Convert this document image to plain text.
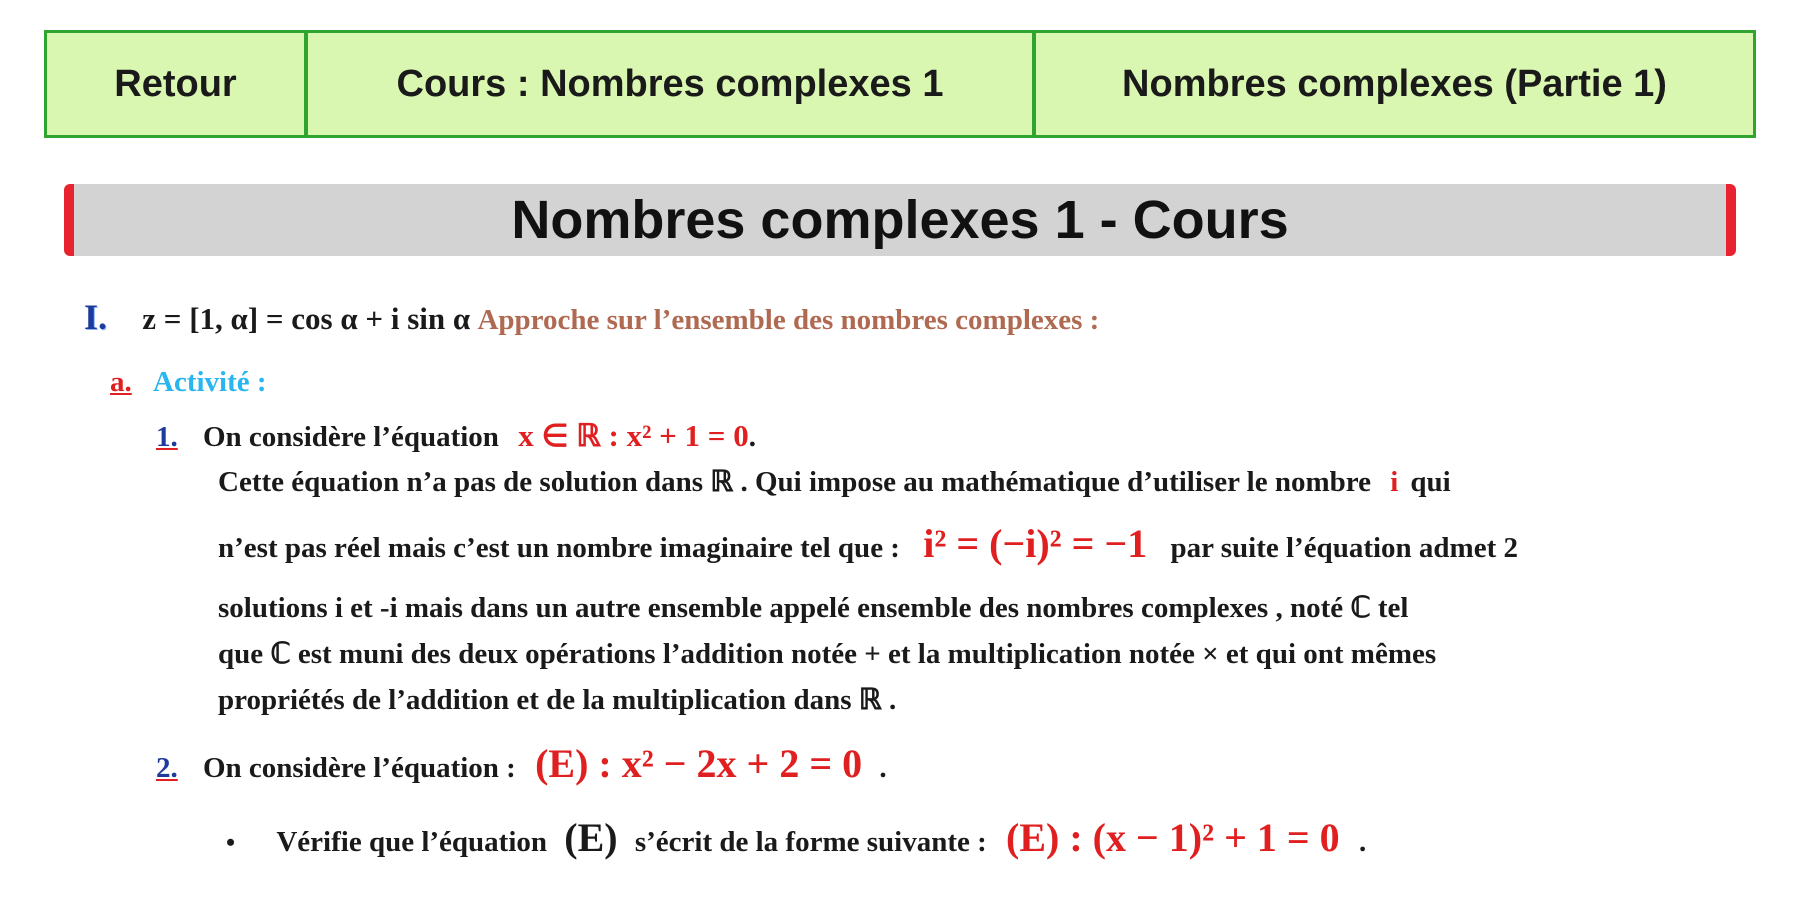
Retour	Cours : Nombres complexes 1	Nombres complexes (Partie 1)
Nombres complexes 1 - Cours
I. z = [1, α] = cos α + i sin α Approche sur l’ensemble des nombres complexes :
a. Activité :
1. On considère l’équation x ∈ ℝ : x² + 1 = 0.
Cette équation n’a pas de solution dans ℝ . Qui impose au mathématique d’utiliser le nombre i qui
n’est pas réel mais c’est un nombre imaginaire tel que : i² = (−i)² = −1 par suite l’équation admet 2
solutions i et -i mais dans un autre ensemble appelé ensemble des nombres complexes , noté ℂ tel
que ℂ est muni des deux opérations l’addition notée + et la multiplication notée × et qui ont mêmes
propriétés de l’addition et de la multiplication dans ℝ .
2. On considère l’équation : (E) : x² − 2x + 2 = 0 .
• Vérifie que l’équation (E) s’écrit de la forme suivante : (E) : (x − 1)² + 1 = 0 .
